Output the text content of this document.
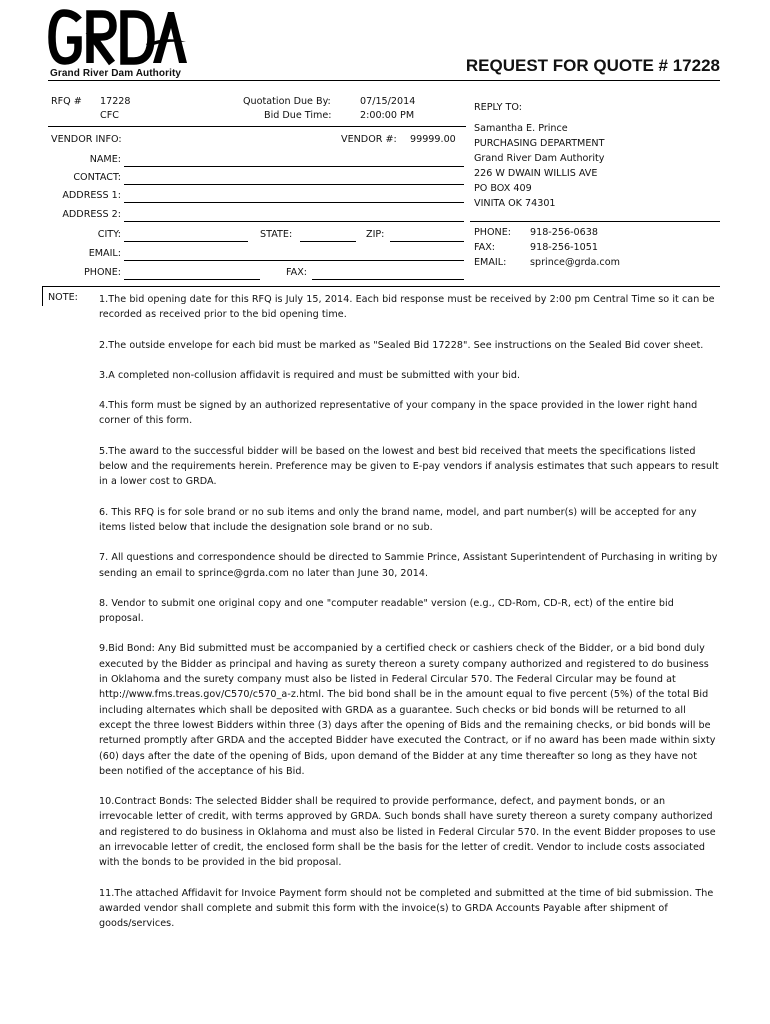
Grand River Dam Authority	REQUEST FOR QUOTE # 17228
RFQ # 17228
CFC
Quotation Due By:	07/15/2014
Bid Due Time:	2:00:00 PM
REPLY TO:
Samantha E. Prince
PURCHASING DEPARTMENT
Grand River Dam Authority
226 W DWAIN WILLIS AVE
PO BOX 409
VINITA OK 74301
PHONE: 918-256-0638
FAX:	918-256-1051
EMAIL: sprince@grda.com
VENDOR INFO:	VENDOR #: 99999.00
NAME:
CONTACT:
ADDRESS 1:
ADDRESS 2:
CITY:	STATE:	ZIP:
EMAIL:
PHONE:	FAX:
NOTE: 1.The bid opening date for this RFQ is July 15, 2014. Each bid response must be received by 2:00 pm Central Time so it can be recorded as received prior to the bid opening time.

2.The outside envelope for each bid must be marked as "Sealed Bid 17228". See instructions on the Sealed Bid cover sheet.

3.A completed non-collusion affidavit is required and must be submitted with your bid.

4.This form must be signed by an authorized representative of your company in the space provided in the lower right hand corner of this form.

5.The award to the successful bidder will be based on the lowest and best bid received that meets the specifications listed below and the requirements herein. Preference may be given to E-pay vendors if analysis estimates that such appears to result in a lower cost to GRDA.

6. This RFQ is for sole brand or no sub items and only the brand name, model, and part number(s) will be accepted for any items listed below that include the designation sole brand or no sub.

7. All questions and correspondence should be directed to Sammie Prince, Assistant Superintendent of Purchasing in writing by sending an email to sprince@grda.com no later than June 30, 2014.

8. Vendor to submit one original copy and one "computer readable" version (e.g., CD-Rom, CD-R, ect) of the entire bid proposal.

9.Bid Bond: Any Bid submitted must be accompanied by a certified check or cashiers check of the Bidder, or a bid bond duly executed by the Bidder as principal and having as surety thereon a surety company authorized and registered to do business in Oklahoma and the surety company must also be listed in Federal Circular 570. The Federal Circular may be found at http://www.fms.treas.gov/C570/c570_a-z.html. The bid bond shall be in the amount equal to five percent (5%) of the total Bid including alternates which shall be deposited with GRDA as a guarantee. Such checks or bid bonds will be returned to all except the three lowest Bidders within three (3) days after the opening of Bids and the remaining checks, or bid bonds will be returned promptly after GRDA and the accepted Bidder have executed the Contract, or if no award has been made within sixty (60) days after the date of the opening of Bids, upon demand of the Bidder at any time thereafter so long as they have not been notified of the acceptance of his Bid.

10.Contract Bonds: The selected Bidder shall be required to provide performance, defect, and payment bonds, or an irrevocable letter of credit, with terms approved by GRDA. Such bonds shall have surety thereon a surety company authorized and registered to do business in Oklahoma and must also be listed in Federal Circular 570. In the event Bidder proposes to use an irrevocable letter of credit, the enclosed form shall be the basis for the letter of credit. Vendor to include costs associated with the bonds to be provided in the bid proposal.

11.The attached Affidavit for Invoice Payment form should not be completed and submitted at the time of bid submission. The awarded vendor shall complete and submit this form with the invoice(s) to GRDA Accounts Payable after shipment of goods/services.
